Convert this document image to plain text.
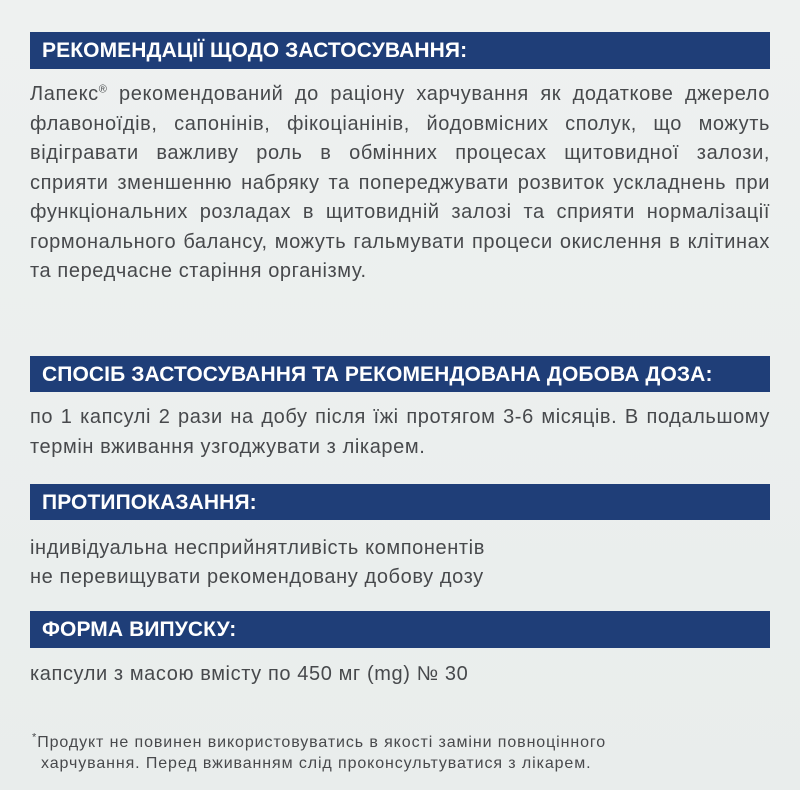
РЕКОМЕНДАЦІЇ ЩОДО ЗАСТОСУВАННЯ:
Лапекс® рекомендований до раціону харчування як додаткове джерело флавоноїдів, сапонінів, фікоціанінів, йодовмісних сполук, що можуть відігравати важливу роль в обмінних процесах щитовидної залози, сприяти зменшенню набряку та попереджувати розвиток ускладнень при функціональних розладах в щитовидній залозі та сприяти нормалізації гормонального балансу, можуть гальмувати процеси окислення в клітинах та передчасне старіння організму.
СПОСІБ ЗАСТОСУВАННЯ ТА РЕКОМЕНДОВАНА ДОБОВА ДОЗА:
по 1 капсулі 2 рази на добу після їжі протягом 3-6 місяців. В подальшому термін вживання узгоджувати з лікарем.
ПРОТИПОКАЗАННЯ:
індивідуальна несприйнятливість компонентів
не перевищувати рекомендовану добову дозу
ФОРМА ВИПУСКУ:
капсули з масою вмісту по 450 мг (mg) № 30
*Продукт не повинен використовуватись в якості заміни повноцінного
харчування. Перед вживанням слід проконсультуватися з лікарем.
